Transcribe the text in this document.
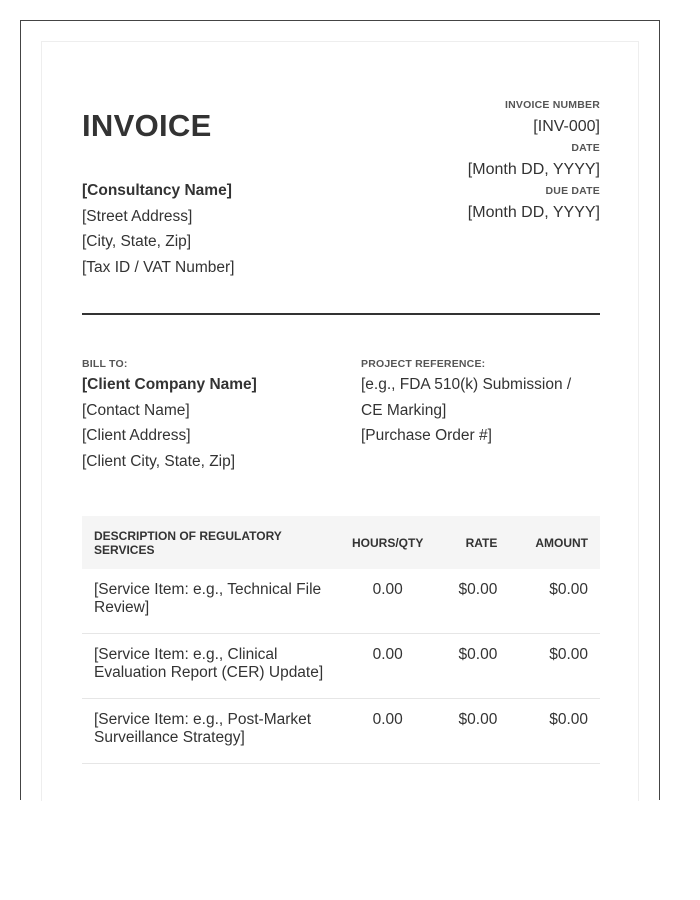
INVOICE
[Consultancy Name]
[Street Address]
[City, State, Zip]
[Tax ID / VAT Number]
INVOICE NUMBER
[INV-000]
DATE
[Month DD, YYYY]
DUE DATE
[Month DD, YYYY]
BILL TO:
[Client Company Name]
[Contact Name]
[Client Address]
[Client City, State, Zip]
PROJECT REFERENCE:
[e.g., FDA 510(k) Submission /
CE Marking]
[Purchase Order #]
DESCRIPTION OF REGULATORY SERVICES	HOURS/QTY	RATE	AMOUNT
[Service Item: e.g., Technical File Review]	0.00	$0.00	$0.00
[Service Item: e.g., Clinical Evaluation Report (CER) Update]	0.00	$0.00	$0.00
[Service Item: e.g., Post-Market Surveillance Strategy]	0.00	$0.00	$0.00
